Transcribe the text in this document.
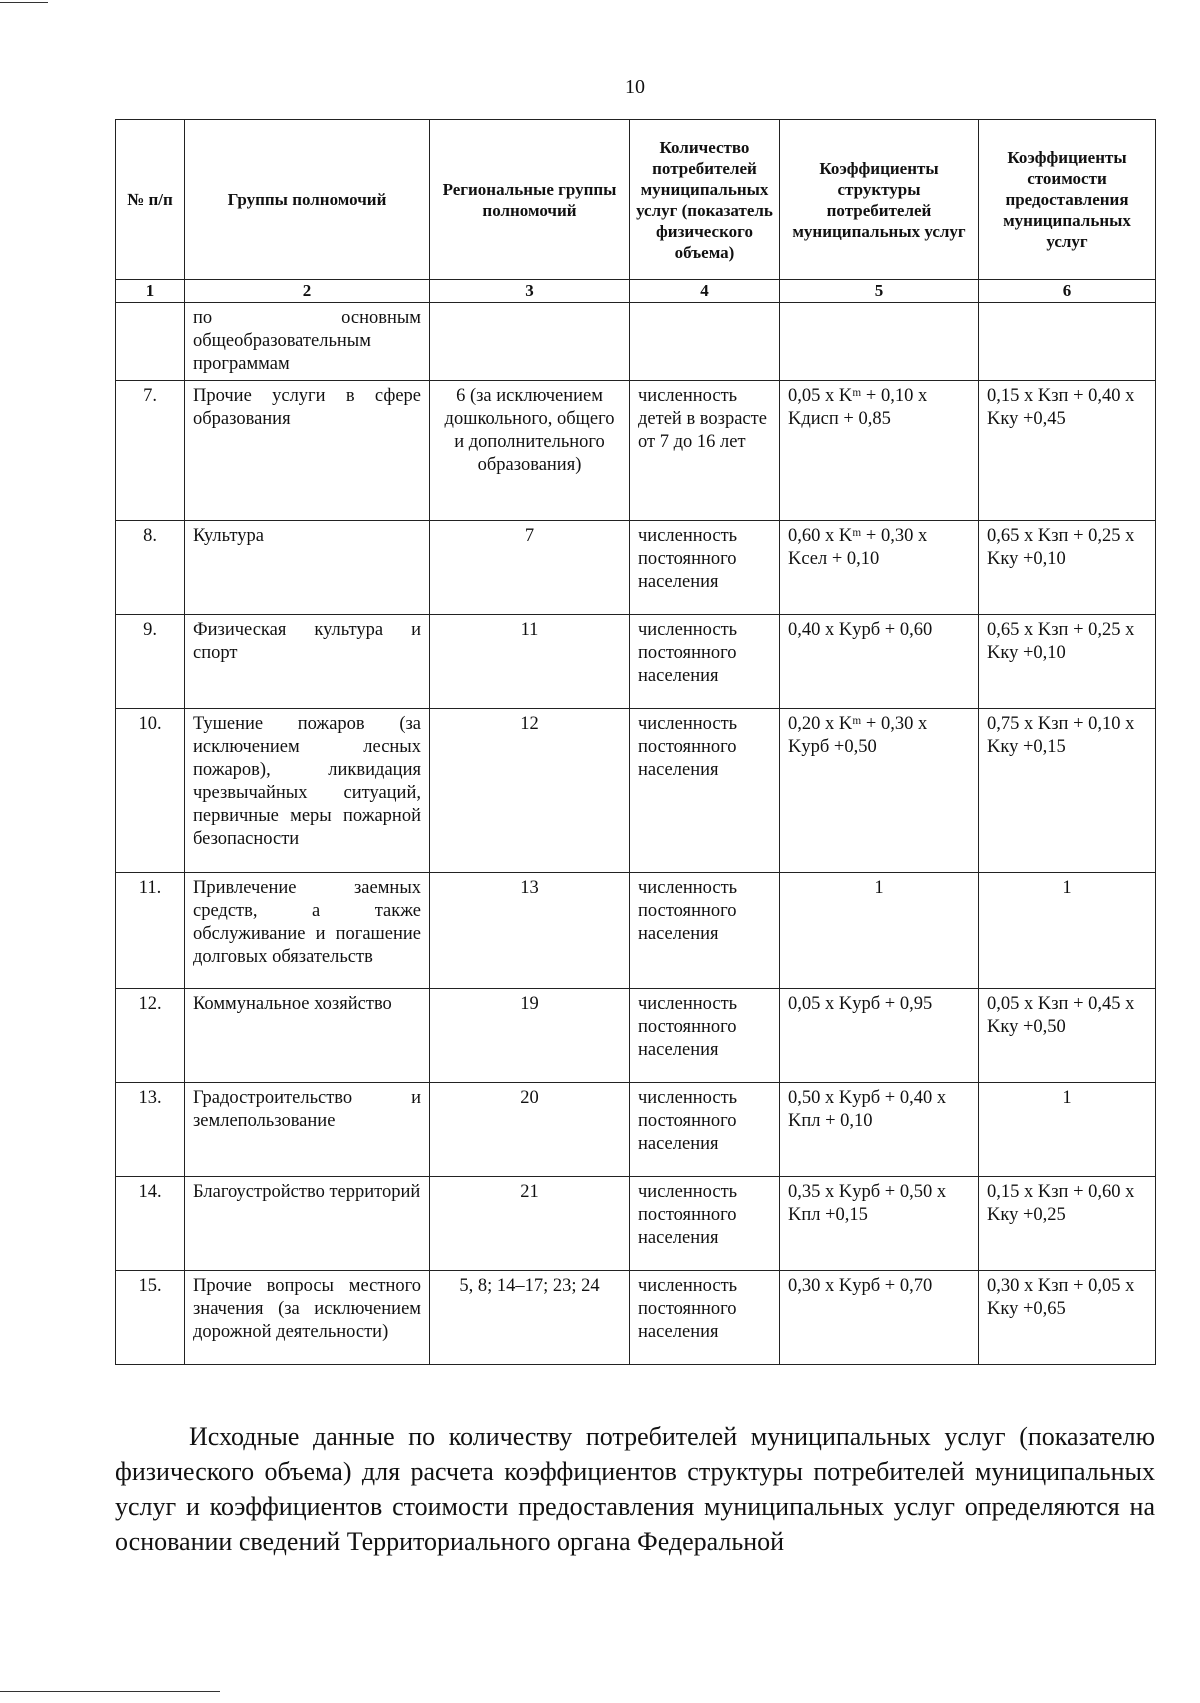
10
№ п/п	Группы полномочий	Региональные группы полномочий	Количество потребителей муниципальных услуг (показатель физического объема)	Коэффициенты структуры потребителей муниципальных услуг	Коэффициенты стоимости предоставления муниципальных услуг
1	2	3	4	5	6
	по основным общеобразовательным программам				
7.	Прочие услуги в сфере образования	6 (за исключением дошкольного, общего и дополнительного образования)	численность детей в возрасте от 7 до 16 лет	0,05 x Kᵐ + 0,10 x Kдисп + 0,85	0,15 x Kзп + 0,40 x Kку +0,45
8.	Культура	7	численность постоянного населения	0,60 x Kᵐ + 0,30 x Kсел + 0,10	0,65 x Kзп + 0,25 x Kку +0,10
9.	Физическая культура и спорт	11	численность постоянного населения	0,40 x Kурб + 0,60	0,65 x Kзп + 0,25 x Kку +0,10
10.	Тушение пожаров (за исключением лесных пожаров), ликвидация чрезвычайных ситуаций, первичные меры пожарной безопасности	12	численность постоянного населения	0,20 x Kᵐ + 0,30 x Kурб +0,50	0,75 x Kзп + 0,10 x Kку +0,15
11.	Привлечение заемных средств, а также обслуживание и погашение долговых обязательств	13	численность постоянного населения	1	1
12.	Коммунальное хозяйство	19	численность постоянного населения	0,05 x Kурб + 0,95	0,05 x Kзп + 0,45 x Kку +0,50
13.	Градостроительство и землепользование	20	численность постоянного населения	0,50 x Kурб + 0,40 x Kпл + 0,10	1
14.	Благоустройство территорий	21	численность постоянного населения	0,35 x Kурб + 0,50 x Kпл +0,15	0,15 x Kзп + 0,60 x Kку +0,25
15.	Прочие вопросы местного значения (за исключением дорожной деятельности)	5, 8; 14–17; 23; 24	численность постоянного населения	0,30 x Kурб + 0,70	0,30 x Kзп + 0,05 x Kку +0,65

Исходные данные по количеству потребителей муниципальных услуг (показателю физического объема) для расчета коэффициентов структуры потребителей муниципальных услуг и коэффициентов стоимости предоставления муниципальных услуг определяются на основании сведений Территориального органа Федеральной
